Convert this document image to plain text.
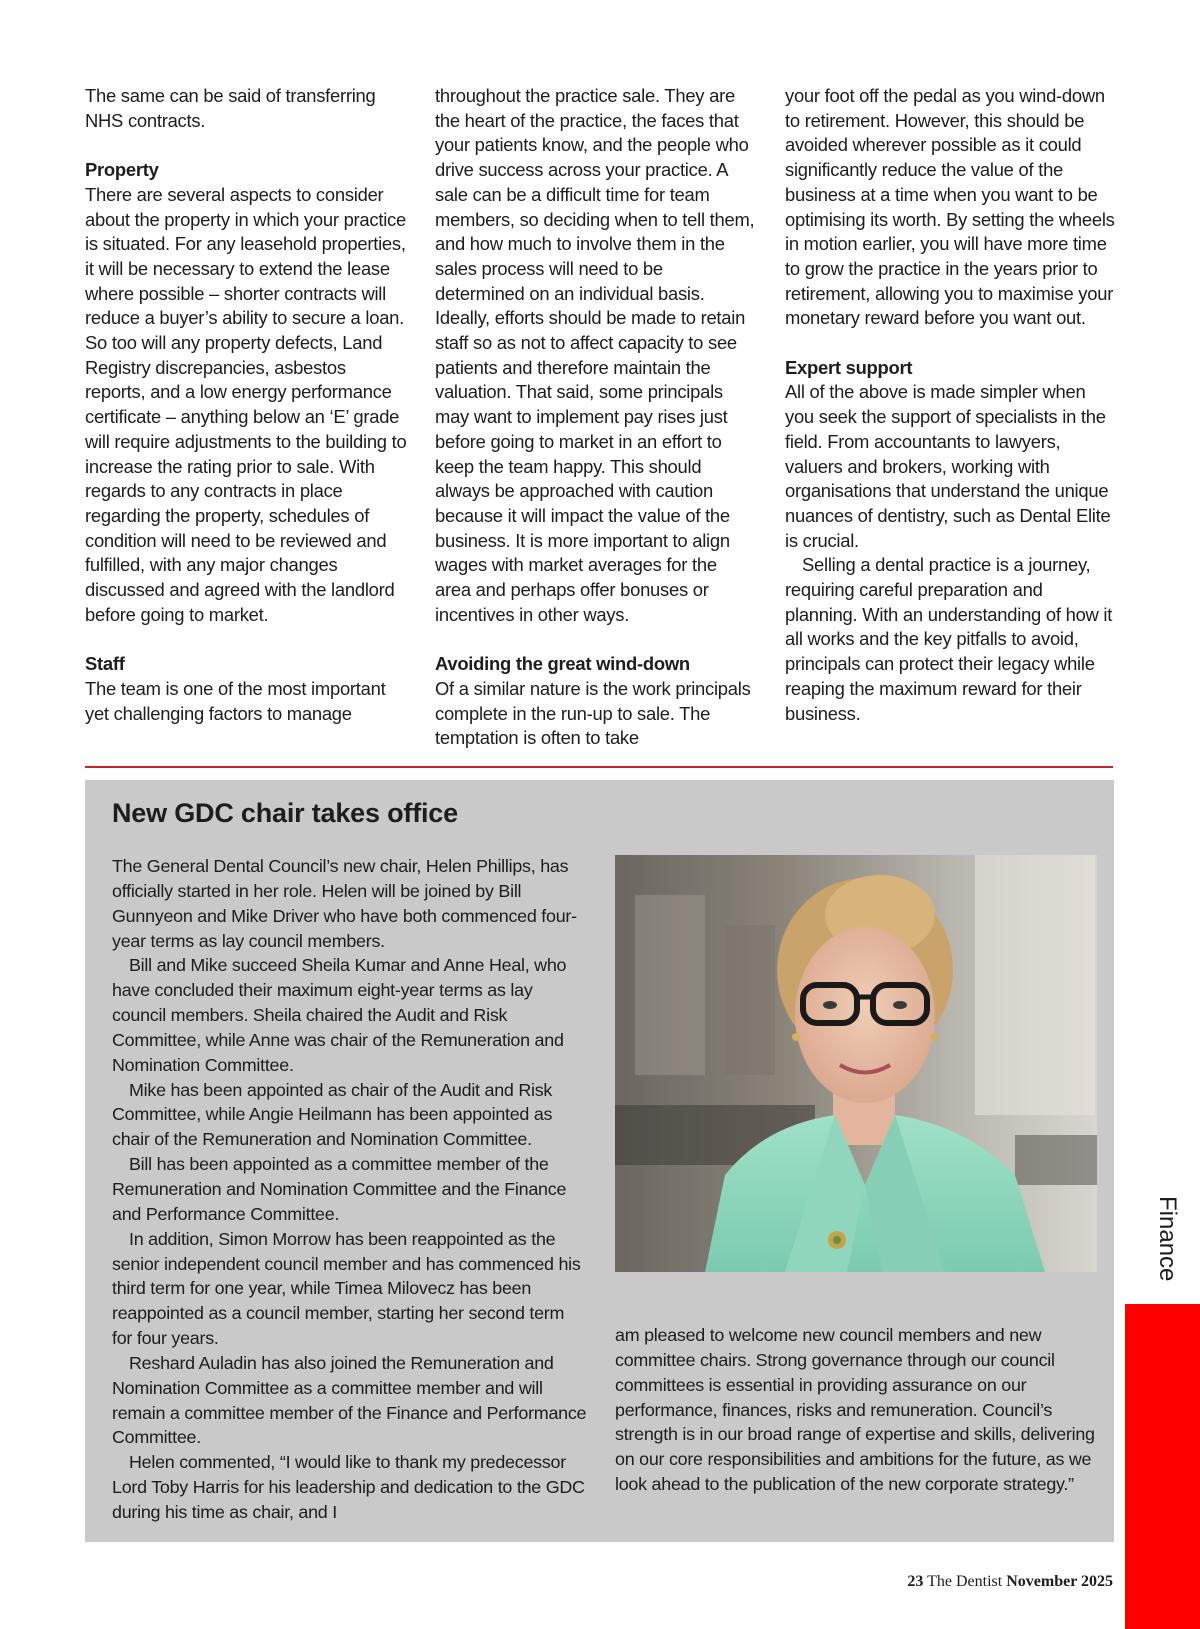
The same can be said of transferring NHS contracts.

Property

There are several aspects to consider about the property in which your practice is situated. For any leasehold properties, it will be necessary to extend the lease where possible – shorter contracts will reduce a buyer’s ability to secure a loan. So too will any property defects, Land Registry discrepancies, asbestos reports, and a low energy performance certificate – anything below an ‘E’ grade will require adjustments to the building to increase the rating prior to sale. With regards to any contracts in place regarding the property, schedules of condition will need to be reviewed and fulfilled, with any major changes discussed and agreed with the landlord before going to market.

Staff

The team is one of the most important yet challenging factors to manage

throughout the practice sale. They are the heart of the practice, the faces that your patients know, and the people who drive success across your practice. A sale can be a difficult time for team members, so deciding when to tell them, and how much to involve them in the sales process will need to be determined on an individual basis. Ideally, efforts should be made to retain staff so as not to affect capacity to see patients and therefore maintain the valuation. That said, some principals may want to implement pay rises just before going to market in an effort to keep the team happy. This should always be approached with caution because it will impact the value of the business. It is more important to align wages with market averages for the area and perhaps offer bonuses or incentives in other ways.

Avoiding the great wind-down

Of a similar nature is the work principals complete in the run-up to sale. The temptation is often to take

your foot off the pedal as you wind-down to retirement. However, this should be avoided wherever possible as it could significantly reduce the value of the business at a time when you want to be optimising its worth. By setting the wheels in motion earlier, you will have more time to grow the practice in the years prior to retirement, allowing you to maximise your monetary reward before you want out.

Expert support

All of the above is made simpler when you seek the support of specialists in the field. From accountants to lawyers, valuers and brokers, working with organisations that understand the unique nuances of dentistry, such as Dental Elite is crucial.

Selling a dental practice is a journey, requiring careful preparation and planning. With an understanding of how it all works and the key pitfalls to avoid, principals can protect their legacy while reaping the maximum reward for their business.

New GDC chair takes office

The General Dental Council’s new chair, Helen Phillips, has officially started in her role. Helen will be joined by Bill Gunnyeon and Mike Driver who have both commenced four-year terms as lay council members.

Bill and Mike succeed Sheila Kumar and Anne Heal, who have concluded their maximum eight-year terms as lay council members. Sheila chaired the Audit and Risk Committee, while Anne was chair of the Remuneration and Nomination Committee.

Mike has been appointed as chair of the Audit and Risk Committee, while Angie Heilmann has been appointed as chair of the Remuneration and Nomination Committee.

Bill has been appointed as a committee member of the Remuneration and Nomination Committee and the Finance and Performance Committee.

In addition, Simon Morrow has been reappointed as the senior independent council member and has commenced his third term for one year, while Timea Milovecz has been reappointed as a council member, starting her second term for four years.

Reshard Auladin has also joined the Remuneration and Nomination Committee as a committee member and will remain a committee member of the Finance and Performance Committee.

Helen commented, “I would like to thank my predecessor Lord Toby Harris for his leadership and dedication to the GDC during his time as chair, and I

am pleased to welcome new council members and new committee chairs. Strong governance through our council committees is essential in providing assurance on our performance, finances, risks and remuneration. Council’s strength is in our broad range of expertise and skills, delivering on our core responsibilities and ambitions for the future, as we look ahead to the publication of the new corporate strategy.”

Finance
23 The Dentist November 2025
